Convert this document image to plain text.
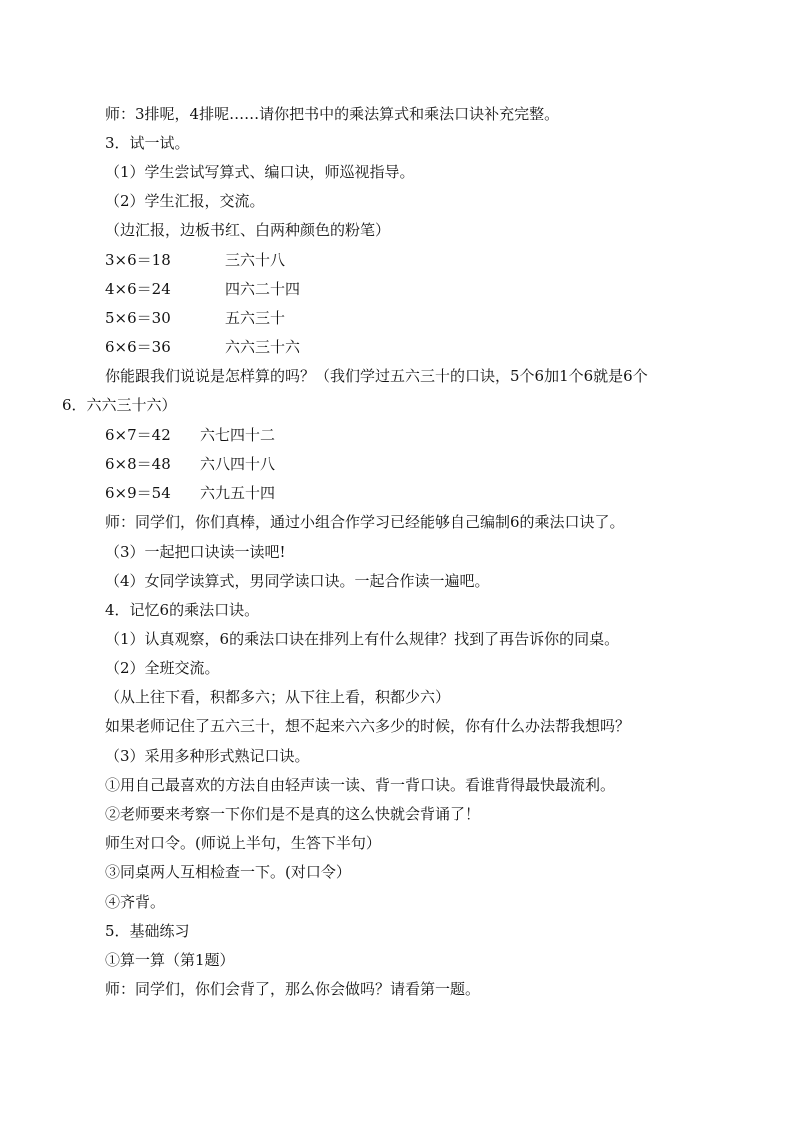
师：3排呢，4排呢……请你把书中的乘法算式和乘法口诀补充完整。
3．试一试。
（1）学生尝试写算式、编口诀，师巡视指导。
（2）学生汇报，交流。
（边汇报，边板书红、白两种颜色的粉笔）
3×6＝18	三六十八
4×6＝24	四六二十四
5×6＝30	五六三十
6×6＝36	六六三十六
你能跟我们说说是怎样算的吗？（我们学过五六三十的口诀，5个6加1个6就是6个
6．六六三十六）
6×7＝42 六七四十二
6×8＝48 六八四十八
6×9＝54 六九五十四
师：同学们，你们真棒，通过小组合作学习已经能够自己编制6的乘法口诀了。
（3）一起把口诀读一读吧!
（4）女同学读算式，男同学读口诀。一起合作读一遍吧。
4．记忆6的乘法口诀。
（1）认真观察，6的乘法口诀在排列上有什么规律？找到了再告诉你的同桌。
（2）全班交流。
（从上往下看，积都多六；从下往上看，积都少六）
如果老师记住了五六三十，想不起来六六多少的时候，你有什么办法帮我想吗？
（3）采用多种形式熟记口诀。
①用自己最喜欢的方法自由轻声读一读、背一背口诀。看谁背得最快最流利。
②老师要来考察一下你们是不是真的这么快就会背诵了！
师生对口令。(师说上半句，生答下半句）
③同桌两人互相检查一下。(对口令）
④齐背。
5．基础练习
①算一算（第1题）
师：同学们，你们会背了，那么你会做吗？请看第一题。
